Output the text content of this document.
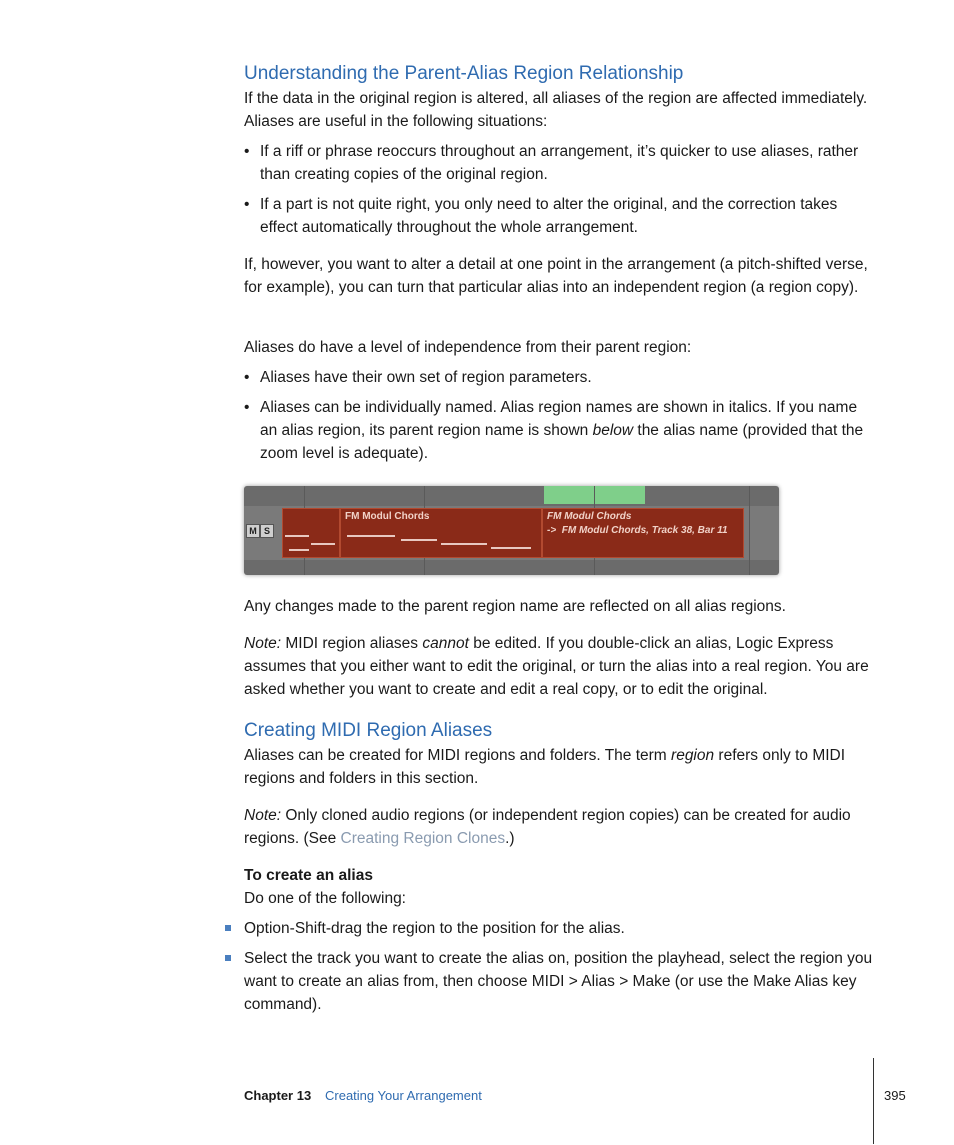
Understanding the Parent-Alias Region Relationship

If the data in the original region is altered, all aliases of the region are affected immediately. Aliases are useful in the following situations:

• If a riff or phrase reoccurs throughout an arrangement, it’s quicker to use aliases, rather than creating copies of the original region.
• If a part is not quite right, you only need to alter the original, and the correction takes effect automatically throughout the whole arrangement.

If, however, you want to alter a detail at one point in the arrangement (a pitch-shifted verse, for example), you can turn that particular alias into an independent region (a region copy).

Aliases do have a level of independence from their parent region:

• Aliases have their own set of region parameters.
• Aliases can be individually named. Alias region names are shown in italics. If you name an alias region, its parent region name is shown below the alias name (provided that the zoom level is adequate).
M S
FM Modul Chords	FM Modul Chords
-> FM Modul Chords, Track 38, Bar 11

Any changes made to the parent region name are reflected on all alias regions.

Note: MIDI region aliases cannot be edited. If you double-click an alias, Logic Express assumes that you either want to edit the original, or turn the alias into a real region. You are asked whether you want to create and edit a real copy, or to edit the original.

Creating MIDI Region Aliases

Aliases can be created for MIDI regions and folders. The term region refers only to MIDI regions and folders in this section.

Note: Only cloned audio regions (or independent region copies) can be created for audio regions. (See Creating Region Clones.)

To create an alias

Do one of the following:

Option-Shift-drag the region to the position for the alias.
Select the track you want to create the alias on, position the playhead, select the region you want to create an alias from, then choose MIDI > Alias > Make (or use the Make Alias key command).
Chapter 13 Creating Your Arrangement	395
